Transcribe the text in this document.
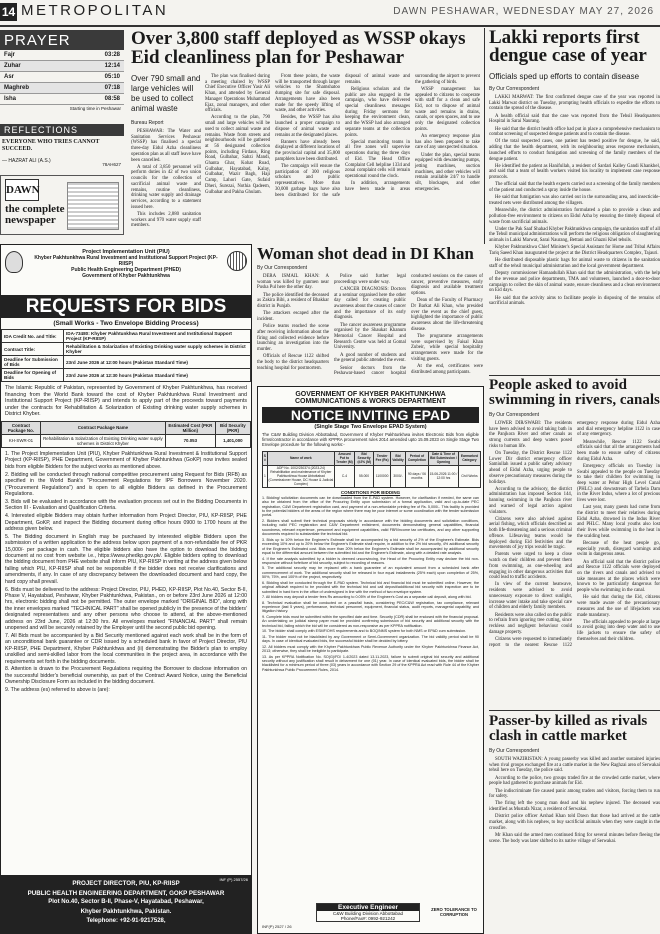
14 METROPOLITAN	DAWN PESHAWAR, WEDNESDAY MAY 27, 2026
PRAYER
Fajr	03:28
Zuhar	12:14
Asr	05:10
Maghreb	07:18
Isha	08:58
Starting time in Peshawar
REFLECTIONS
EVERYONE WHO TRIES CANNOT SUCCEED.
— HAZRAT ALI (A.S.)
78AH627
DAWN
the complete newspaper
Over 3,800 staff deployed as WSSP okays Eid cleanliness plan for Peshawar
Over 790 small and large vehicles will be used to collect animal waste
Bureau Report

PESHAWAR: The Water and Sanitation Services Peshawar (WSSP) has finalised a special three-day Eidul Azha cleanliness operation plan as all staff leave have been cancelled.

A total of 3,850 personnel will perform duties in 42 of two union councils for the collection of sacrificial animal waste and remains, routine cleanliness, drinking water supply and drainage services, according to a statement issued here.

This includes 2,880 sanitation workers and 970 water supply staff members.

The plan was finalised during a meeting chaired by WSSP Chief Executive Officer Yasir Ali Khan, and attended by General Manager Operations Muhammad Ejaz, zonal managers, and other officials.

According to the plan, 790 small and large vehicles will be used to collect animal waste and remains. Waste from streets and neighbourhoods will be gathered at 56 designated collection points, including Firdaus, Ring Road, Gulbahar, Sabzi Mandi, Ghanta Ghar, Kohat Road, Gulbahar, Hayatabad, Kalay, Gulbahar, Wazir Bagh, Haji Camp, Lahori Gate, Sufaid Dheri, Surezai, Nothia Qadeem, Gulbahar and Pakha Ghulam.

From these points, the waste will be transported through larger vehicles to the Shamshatoo dumping site for safe disposal. Arrangements have also been made for the speedy lifting of waste, and other activities.

Besides, the WSSP has also launched a proper campaign to dispose of animal waste and remains at the designated places.

Banners have already been displayed at different locations of the provincial capital and 35,000 pamphlets have been distributed.

The campaign will ensure the participation of 300 religious scholars and public representatives. More than 30,000 garbage bags have also been distributed for the safe disposal of animal waste and remains.

Religious scholars and the public are also engaged in the campaign, who have delivered special cleanliness messages during Friday sermons for keeping the environment clean, and the WSSP had also arranged separate teams at the collection points.

Special monitoring teams in all five zones will supervise operations during the three days of Eid. The Head Office Complaint Cell helpline 1334 and zonal complaint cells will remain operational round the clock.

In addition, arrangements have been made in areas surrounding the airport to prevent the gathering of birds.

WSSP management has appealed to citizens to cooperate with staff for a clean and safe Eid, not to dispose of animal waste and remains in drains, canals, or open spaces, and to use only the designated collection points.

An emergency response plan has also been prepared to take care of any unexpected situation.

Under the plan, special teams equipped with dewatering pumps, jetting machines, suction machines, and other vehicles will remain available 24/7 to handle silt, blockages, and other emergencies.

Lakki reports first dengue case of year
Officials sped up efforts to contain disease
By Our Correspondent

LAKKI MARWAT: The first confirmed dengue case of the year was reported in Lakki Marwat district on Tuesday, prompting health officials to expedite the efforts to contain the spread of the disease.

A health official said that the case was reported from the Tehsil Headquarters Hospital in Sarai Naurang.

He said that the district health office had put in place a comprehensive mechanism to combat screening of suspected dengue patients and to contain the disease.

Of the total suspected cases, one patient has tested positive for dengue, he said, adding that the health department, with its neighbouring areas response mechanism, launched efforts to conduct fumigation and screening of the family members of the dengue patient.

He identified the patient as Hanifullah, a resident of Sardari Kalley Gandi Khankhel, and said that a team of health workers visited his locality to implement case response protocols.

The official said that the health experts carried out a screening of the family members of the patient and conducted a spray inside the house.

He said that fumigation was also carried out in the surrounding area, and insecticide-treated nets were distributed among the villagers.

Meanwhile, the district administration formulated a plan to provide a clean and pollution-free environment to citizens on Eidul Azha by ensuring the timely disposal of waste from sacrificial animals.

Under the Pak Saaf Shahad Khyber Pakhtunkhwa campaign, the sanitation staff of all the Tehsil municipal administrations will perform the religious obligation of slaughtering animals in Lakki Marwat, Sarai Naurang, Bettani and Ghazni Khel tehsils.

Khyber Pakhtunkhwa Chief Minister's Special Assistant for Home and Tribal Affairs Tariq Saeed Khan inaugurated the project at the District Headquarters Complex, Tajauri.

He distributed disposable plastic bags for animal waste to citizens in the sanitation staff of the tehsil municipal administration and the local government department.

Deputy commissioner Hamaadullah Khan said that the administration, with the help of the revenue and police departments, TMA and volunteers, launched a door-to-door campaign to collect the skin of animal waste, ensure cleanliness and a clean environment on Eid days.

He said that the activity aims to facilitate people in disposing of the remains of sacrificial animals.

Project Implementation Unit (PIU)
Khyber Pakhtunkhwa Rural Investment and Institutional Support Project (KP-RIISP)
Public Health Engineering Department (PHED)
Government of Khyber Pakhtunkhwa
REQUESTS FOR BIDS
(Small Works - Two Envelope Bidding Process)
IDA Credit No. and Title:	IDA-73480: Khyber Pakhtunkhwa Rural Investment and Institutional Support Project (KP-RIISP)
Contract Title:	Rehabilitation & Solarization of Existing Drinking water supply schemes in District Khyber
Deadline for Submission of Bids	23rd June 2026 at 12:00 hours (Pakistan Standard Time)
Deadline for Opening of Bids	23rd June 2026 at 12:30 hours (Pakistan Standard Time)
The Islamic Republic of Pakistan, represented by Government of Khyber Pakhtunkhwa, has received financing from the World Bank toward the cost of Khyber Pakhtunkhwa Rural Investment and Institutional Support Project (KP-RIISP) and intends to apply part of the proceeds toward payments under the contracts for Rehabilitation & Solarization of Existing drinking water supply schemes in District Khyber.
Contract Package No.	Contract Package Name	Estimated Cost (PKR Million)	Bid Security (PKR)
KH-SWR-01	Rehabilitation & Solarization of Existing Drinking water supply schemes in District Khyber	70.053	1,401,000
1. The Project Implementation Unit (PIU), Khyber Pakhtunkhwa Rural Investment & Institutional Support Project (KP-RIISP), PHE Department, Government of Khyber Pakhtunkhwa (GoKP) now invites sealed bids from eligible Bidders for the subject works as mentioned above.
2. Bidding will be conducted through national competitive procurement using Request for Bids (RFB) as specified in the World Bank's "Procurement Regulations for IPF Borrowers November 2020. ("Procurement Regulations") and is open to all eligible Bidders as defined in the Procurement Regulations.
3. Bids will be evaluated in accordance with the evaluation process set out in the Bidding Documents in Section III - Evaluation and Qualification Criteria.
4. Interested eligible Bidders may obtain further information from Project Director, PIU, KP-RIISP, PHE Department, GoKP, and inspect the Bidding document during office hours 0900 to 1700 hours at the address given below.
5. The Bidding document in English may be purchased by interested eligible Bidders upon the submission of a written application to the address below upon payment of a non-refundable fee of PKR 15,000/- per package in cash. The eligible bidders also have the option to download the bidding document at no cost from website i.e., https://www.phedkp.gov.pk/. Eligible bidders opting to download the bidding document from PHE website shall inform PIU, KP-RIISP in writing at the address given below falling which PIU, KP-RIISP shall not be responsible if the bidder does not receive clarifications and amendments, if any. In case of any discrepancy between the downloaded document and hard copy, the hard copy shall prevail.
6. Bids must be delivered to the address: Project Director, PIU, PHED, KP-RIISP, Plot No.40, Sector B-II, Phase V, Hayatabad, Peshawar, Khyber Pakhtunkhwa, Pakistan., on or before 23rd June 2026 at 12:00 hrs, electronic bidding shall not be permitted. The outer envelope marked "ORIGINAL BID", along with the inner envelopes marked "TECHNICAL PART" shall be opened publicly in the presence of the bidders' designated representatives and any other persons who choose to attend, at the above-mentioned address on 23rd June, 2026 at 12:30 hrs. All envelopes marked "FINANCIAL PART" shall remain unopened and will be securely retained by the Employer until the second public bid opening.
7. All Bids must be accompanied by a Bid Security mentioned against each work shall be in the form of an unconditional bank guarantee or CDR issued by a scheduled bank in favor of Project Director, PIU KP-RIISP, PHE Department, Khyber Pakhtunkhwa and (ii) demonstrating the Bidder's plan to employ unskilled and semi-skilled labor from the local communities in the project area, in accordance with the requirements set forth in the bidding documents.
8. Attention is drawn to the Procurement Regulations requiring the Borrower to disclose information on the successful bidder's beneficial ownership, as part of the Contract Award Notice, using the Beneficial Ownership Disclosure Form as included in the bidding document.
9. The address (es) referred to above is (are):
INF (P) 2557/26
PROJECT DIRECTOR, PIU, KP-RIISP
PUBLIC HEALTH ENGINEERING DEPARTMENT, GOKP PESHAWAR
Plot No.40, Sector B-II, Phase-V, Hayatabad, Peshawar,
Khyber Pakhtunkhwa, Pakistan.
Telephone: +92-91-9217528,
Woman shot dead in DI Khan
By Our Correspondent

DERA ISMAIL KHAN: A woman was killed by gunmen near Pusha Pul here the other day.

The police identified the deceased as Zakira Bibi, a resident of Bhakkar district in Punjab.

The attackers escaped after the incident.

Police teams reached the scene after receiving information about the firing and collected evidence before launching an investigation into the murder.

Officials of Rescue 1122 shifted the body to the district headquarters teaching hospital for postmortem.

Police said further legal proceedings were under way.

CANCER DIAGNOSIS: Doctors at a seminar organised here the other day called for creating public awareness about the causes of cancer and the importance of its early diagnosis.

The cancer awareness programme organised by the Shaukat Khanum Memorial Cancer Hospital and Research Centre was held at Gomal University.

A good number of students and the general public attended the event.

Senior doctors from the Peshawar-based cancer hospital conducted sessions on the causes of cancer, preventive measures, early diagnosis and available treatment options.

Dean of the Faculty of Pharmacy Dr Barkat Ali Khan, who presided over the event as the chief guest, highlighted the importance of public awareness about the life-threatening disease.

The programme arrangements were supervised by Faisal Khan Zubeir, while special hospitality arrangements were made for the visiting guests.

At the end, certificates were distributed among participants.

GOVERNMENT OF KHYBER PAKHTUNKHWA
COMMUNICATIONS & WORKS DEPARTMENT
NOTICE INVITING EPAD
(Single Stage Two Envelope EPAD System)
The C&W Building Division Abbottabad, Government of Khyber Pakhtunkhwa invites Electronic Bids from eligible firms/contractor in accordance with KPPRA procurement rules 2014 amended upto 15.09.2023 on Single Stage Two Envelope procedure for the following works:-
S #	Name of work	Amount Put to Tender (M)	Bid Security @2% (M)	Tender Fee (Rs)	Bid Validity	Period of Completion	Date & Time of Bid Submission / Opening	Earmarked Category
1	ADP No. 1002/230374 (2023-24) Rehabilitation and maintenance of Khyber Pakhtunkhwa House Abbottabad (Commissioner House, DC House & Judicial Complex)	C-4	55.000	1100000	3000/-	90 days / 06 months	15-06-2026 11:00 / 12:00 hrs	Civil Works
CONDITIONS FOR BIDDING
1. Bidding/ solicitation documents can be downloaded from the E-PAD system. However, for clarification if needed, the same can also be obtained from the office of the Procuring Entity upon submission of a formal application, valid and up-to-date PEC registration, C&W Department registration card, and payment of a non-refundable printing fee of Rs. 5,000/-. This facility is provided to the potential bidders of the areas of the region where there may be poor internet or some coordination with the tender submission portal.
2. Bidders shall submit their technical proposals strictly in accordance with the bidding documents and solicitation conditions, including valid PEC registration and C&W Department enlistment, documents demonstrating general capabilities, financial soundness, relevant experience, personnel and equipment capabilities, valid FBR/income tax certificates, and any other supporting documents required to substantiate the technical bid.
3. Bids up to 10% below the Engineer's Estimate shall be accompanied by a bid security of 2% of the Engineer's Estimate. Bids exceeding 10% and up to 20% below the Engineer's Estimate shall require, in addition to the 2% bid security, 4% additional security of the Engineer's Estimated cost. Bids more than 20% below the Engineer's Estimate shall be accompanied by additional security equal to the differential amount between the submitted bid and the Engineer's Estimate, along with a detailed rate analysis.
4. If the rate analysis submitted by a bidder is deemed unconvincing, the Head of the Procuring Entity may declare the bid non-responsive without forfeiture of bid security, subject to recording of reasons.
5. The additional security may be replaced with a bank guarantee of an equivalent amount from a scheduled bank after commencement of work. The additional security shall be released in four equal installments (25% each) upon completion of 25%, 50%, 75%, and 100% of the project, respectively.
6. Bidding shall be conducted through the E-PAD system. Technical bid and financial bid must be submitted online. However, the original affidavit required to be provided with the technical bid and call deposit/additional bid security with inspection are to be submitted in hard form in the office of undersigned in line with the method of two envelope system.
7. All bidders may deposit a tender fees Rs amounting to 0.05% of the Engineer's Cost as a separate call deposit, along with bid.
8. Technical evaluation shall be conducted on a pass/fail basis, considering PEC/C&W registration, tax compliance, relevant experience (last 5 years), performance, technical personnel, equipment, financial status, audit reports, managerial capability, and litigation history.
9. Complete bids must be submitted within the specified date and time. Security (CDR) shall be enclosed with the financial proposal. An undertaking on judicial stamp paper must be provided confirming submission of bid security and additional security with the technical bid, failing which the bid will be considered as non-responsive as per KPPRA notification.
10. The bidder shall comply with ESMF/OHS requirements and to BOQ/NMS system for both NMS or EPAD cum submission.
11. The bidder must not be blacklisted by any Government or Semi-Government organization. The bid validity period shall be 90 days. In case of identical evaluated bids, the successful bidder shall be decided by lottery.
12. All bidders must comply with the Khyber Pakhtunkhwa Public Revenue Authority under the Khyber Pakhtunkhwa Finance Act, 2013; otherwise, they shall be ineligible to participate.
13. As per KPPRA Notification No. SO(G)/FD/ 1-4/2023 dated 13.11.2023, failure to submit original bid security and additional security without any justification shall result in debarment for one (01) year. In case of identical evaluated bids, the bidder shall be blacklisted for a minimum period of three (03) years in accordance with Section 29 of the KPPRA Act read with Rule 44 of the Khyber Pakhtunkhwa Public Procurement Rules, 2014.
INF(P) 2527 / 26
Executive Engineer
C&W Building Division Abbottabad
Phone/Fax#: 0992-921242
ZERO TOLERANCE TO CORRUPTION
People asked to avoid swimming in rivers, canals
By Our Correspondent

LOWER DIR/SWABI: The residents have been advised to avoid taking bath in the Panjkora River and other canals as strong currents and deep waters posed risks to human life.

On Tuesday, the District Rescue 1122 Lower Dir district emergency officer Samiullah issued a public safety advisory ahead of Eidul Azha, urging people to observe precautionary measures during the holidays.

According to the advisory, the district administration has imposed Section 144, banning swimming in the Panjkora river and warned of legal action against violators.

Citizens were also advised against aerial fishing, which officials described as both life-threatening and a serious criminal offence. Lifesaving teams would be deployed during Eid festivities and the movements of joy trips would be tragic.

Parents were urged to keep a close watch on their children and prevent them from swimming, as one-wheeling and engaging in other dangerous activities that could lead to traffic accidents.

In view of the current heatwave, residents were advised to avoid unnecessary exposure to direct sunlight, increase water intake and take special care of children and elderly family members.

Residents were also called on the public to refrain from ignoring tree cutting, since reckless and negligent behaviour could damage property.

Citizens were requested to immediately report to the nearest Rescue 1122 emergency response during Eidul Azha and dial emergency helpline 1122 in case of any emergency.

Meanwhile, Rescue 1122 Swabi officials said that all the arrangements had been made to ensure safety of citizens during Eidul Azha.

Emergency officials on Tuesday in Swabi appealed to the people on Tuesday to take their children for swimming in deep water at Pehur High Level Canal (PHLC) and downstream of Tarbela Dam in the River Indus, where a lot of precious lives were lost.

Last year, many guests had come from the district to meet their relatives during Eidul Azha, drowned in the Indus River and PHLC. Many local youths also lost their lives while swimming in the heat in the scalding heat.

Because of the heat people go, especially youth, disregard warnings and swim in dangerous areas.

An official said that the district police and Rescue 1122 officials were deployed on the rivers and canals and advised to take measures at the places which were known to be particularly dangerous for people who swimming in the canal.

He said that during the Eid, citizens were made aware of the precautionary measures and the use of lifejackets was made mandatory.

The officials appealed to people at large to avoid going into deep water and to use life jackets to ensure the safety of themselves and their children.

Passer-by killed as rivals clash in cattle market
By Our Correspondent

SOUTH WAZIRISTAN: A young passerby was killed and another sustained injuries when rival groups exchanged fire at a cattle market in the New Raghzai area of Serwakai tehsil here on Tuesday, the police said.

According to the police, two groups traded fire at the crowded cattle market, where people had gathered to purchase animals for Eid.

The indiscriminate fire caused panic among traders and visitors, forcing them to run for safety.

The firing left the young man dead and his nephew injured. The deceased was identified as Mustafa Nizar, a resident of Serwakai.

District police officer Arshad Khan told Dawn that those had arrived at the cattle market, along with his nephew, to buy sacrificial animals when they were caught in the crossfire.

Mr Khan said the armed men continued firing for several minutes before fleeing the scene. The body was later shifted to its native village of Serwakai.
